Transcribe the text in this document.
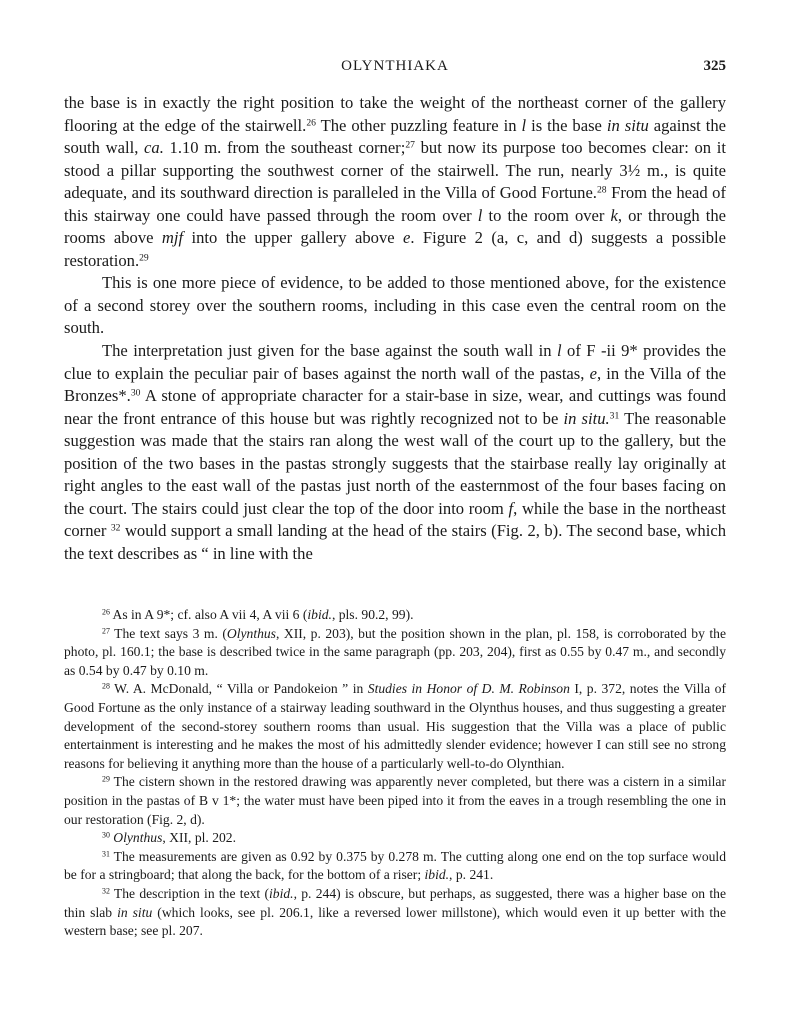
OLYNTHIAKA	325

the base is in exactly the right position to take the weight of the northeast corner of the gallery flooring at the edge of the stairwell.$^{26}$ The other puzzling feature in l is the base in situ against the south wall, ca. 1.10 m. from the southeast corner;$^{27}$ but now its purpose too becomes clear: on it stood a pillar supporting the southwest corner of the stairwell. The run, nearly 3½ m., is quite adequate, and its southward direction is paralleled in the Villa of Good Fortune.$^{28}$ From the head of this stairway one could have passed through the room over l to the room over k, or through the rooms above mjf into the upper gallery above e. Figure 2 (a, c, and d) suggests a possible restoration.$^{29}$

This is one more piece of evidence, to be added to those mentioned above, for the existence of a second storey over the southern rooms, including in this case even the central room on the south.

The interpretation just given for the base against the south wall in l of F -ii 9* provides the clue to explain the peculiar pair of bases against the north wall of the pastas, e, in the Villa of the Bronzes*.$^{30}$ A stone of appropriate character for a stair-base in size, wear, and cuttings was found near the front entrance of this house but was rightly recognized not to be in situ.$^{31}$ The reasonable suggestion was made that the stairs ran along the west wall of the court up to the gallery, but the position of the two bases in the pastas strongly suggests that the stairbase really lay originally at right angles to the east wall of the pastas just north of the easternmost of the four bases facing on the court. The stairs could just clear the top of the door into room f, while the base in the northeast corner $^{32}$ would support a small landing at the head of the stairs (Fig. 2, b). The second base, which the text describes as “ in line with the

$^{26}$ As in A 9*; cf. also A vii 4, A vii 6 (ibid., pls. 90.2, 99).

$^{27}$ The text says 3 m. (Olynthus, XII, p. 203), but the position shown in the plan, pl. 158, is corroborated by the photo, pl. 160.1; the base is described twice in the same paragraph (pp. 203, 204), first as 0.55 by 0.47 m., and secondly as 0.54 by 0.47 by 0.10 m.

$^{28}$ W. A. McDonald, “ Villa or Pandokeion ” in Studies in Honor of D. M. Robinson I, p. 372, notes the Villa of Good Fortune as the only instance of a stairway leading southward in the Olynthus houses, and thus suggesting a greater development of the second-storey southern rooms than usual. His suggestion that the Villa was a place of public entertainment is interesting and he makes the most of his admittedly slender evidence; however I can still see no strong reasons for believing it anything more than the house of a particularly well-to-do Olynthian.

$^{29}$ The cistern shown in the restored drawing was apparently never completed, but there was a cistern in a similar position in the pastas of B v 1*; the water must have been piped into it from the eaves in a trough resembling the one in our restoration (Fig. 2, d).

$^{30}$ Olynthus, XII, pl. 202.

$^{31}$ The measurements are given as 0.92 by 0.375 by 0.278 m. The cutting along one end on the top surface would be for a stringboard; that along the back, for the bottom of a riser; ibid., p. 241.

$^{32}$ The description in the text (ibid., p. 244) is obscure, but perhaps, as suggested, there was a higher base on the thin slab in situ (which looks, see pl. 206.1, like a reversed lower millstone), which would even it up better with the western base; see pl. 207.
